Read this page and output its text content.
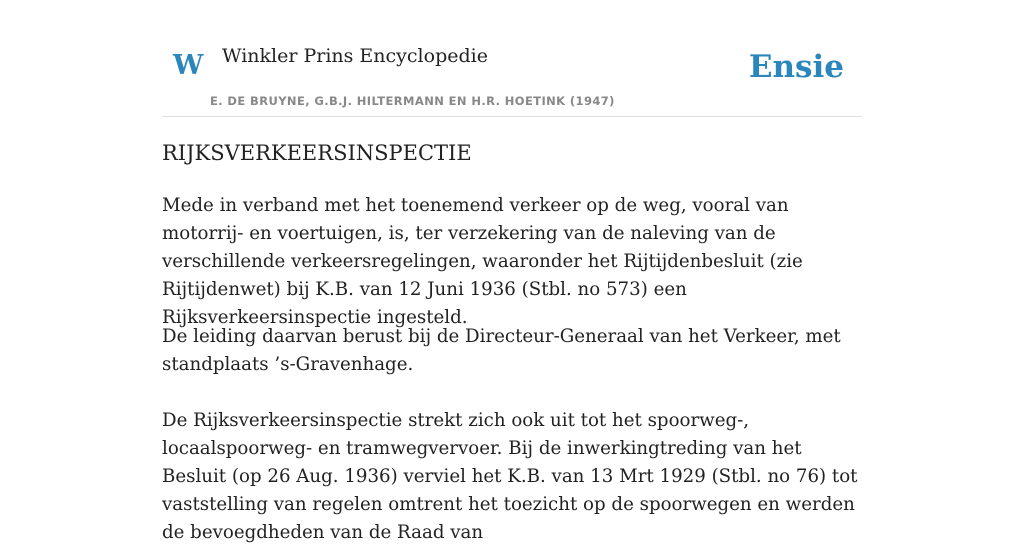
W Winkler Prins Encyclopedie
E. DE BRUYNE, G.B.J. HILTERMANN EN H.R. HOETINK (1947)
Ensie
RIJKSVERKEERSINSPECTIE

Mede in verband met het toenemend verkeer op de weg, vooral van motorrij- en voertuigen, is, ter verzekering van de naleving van de verschillende verkeersregelingen, waaronder het Rijtijdenbesluit (zie Rijtijdenwet) bij K.B. van 12 Juni 1936 (Stbl. no 573) een Rijksverkeersinspectie ingesteld.

De leiding daarvan berust bij de Directeur-Generaal van het Verkeer, met standplaats ’s-Gravenhage.

De Rijksverkeersinspectie strekt zich ook uit tot het spoorweg-, locaalspoorweg- en tramwegvervoer. Bij de inwerkingtreding van het Besluit (op 26 Aug. 1936) verviel het K.B. van 13 Mrt 1929 (Stbl. no 76) tot vaststelling van regelen omtrent het toezicht op de spoorwegen en werden de bevoegdheden van de Raad van
